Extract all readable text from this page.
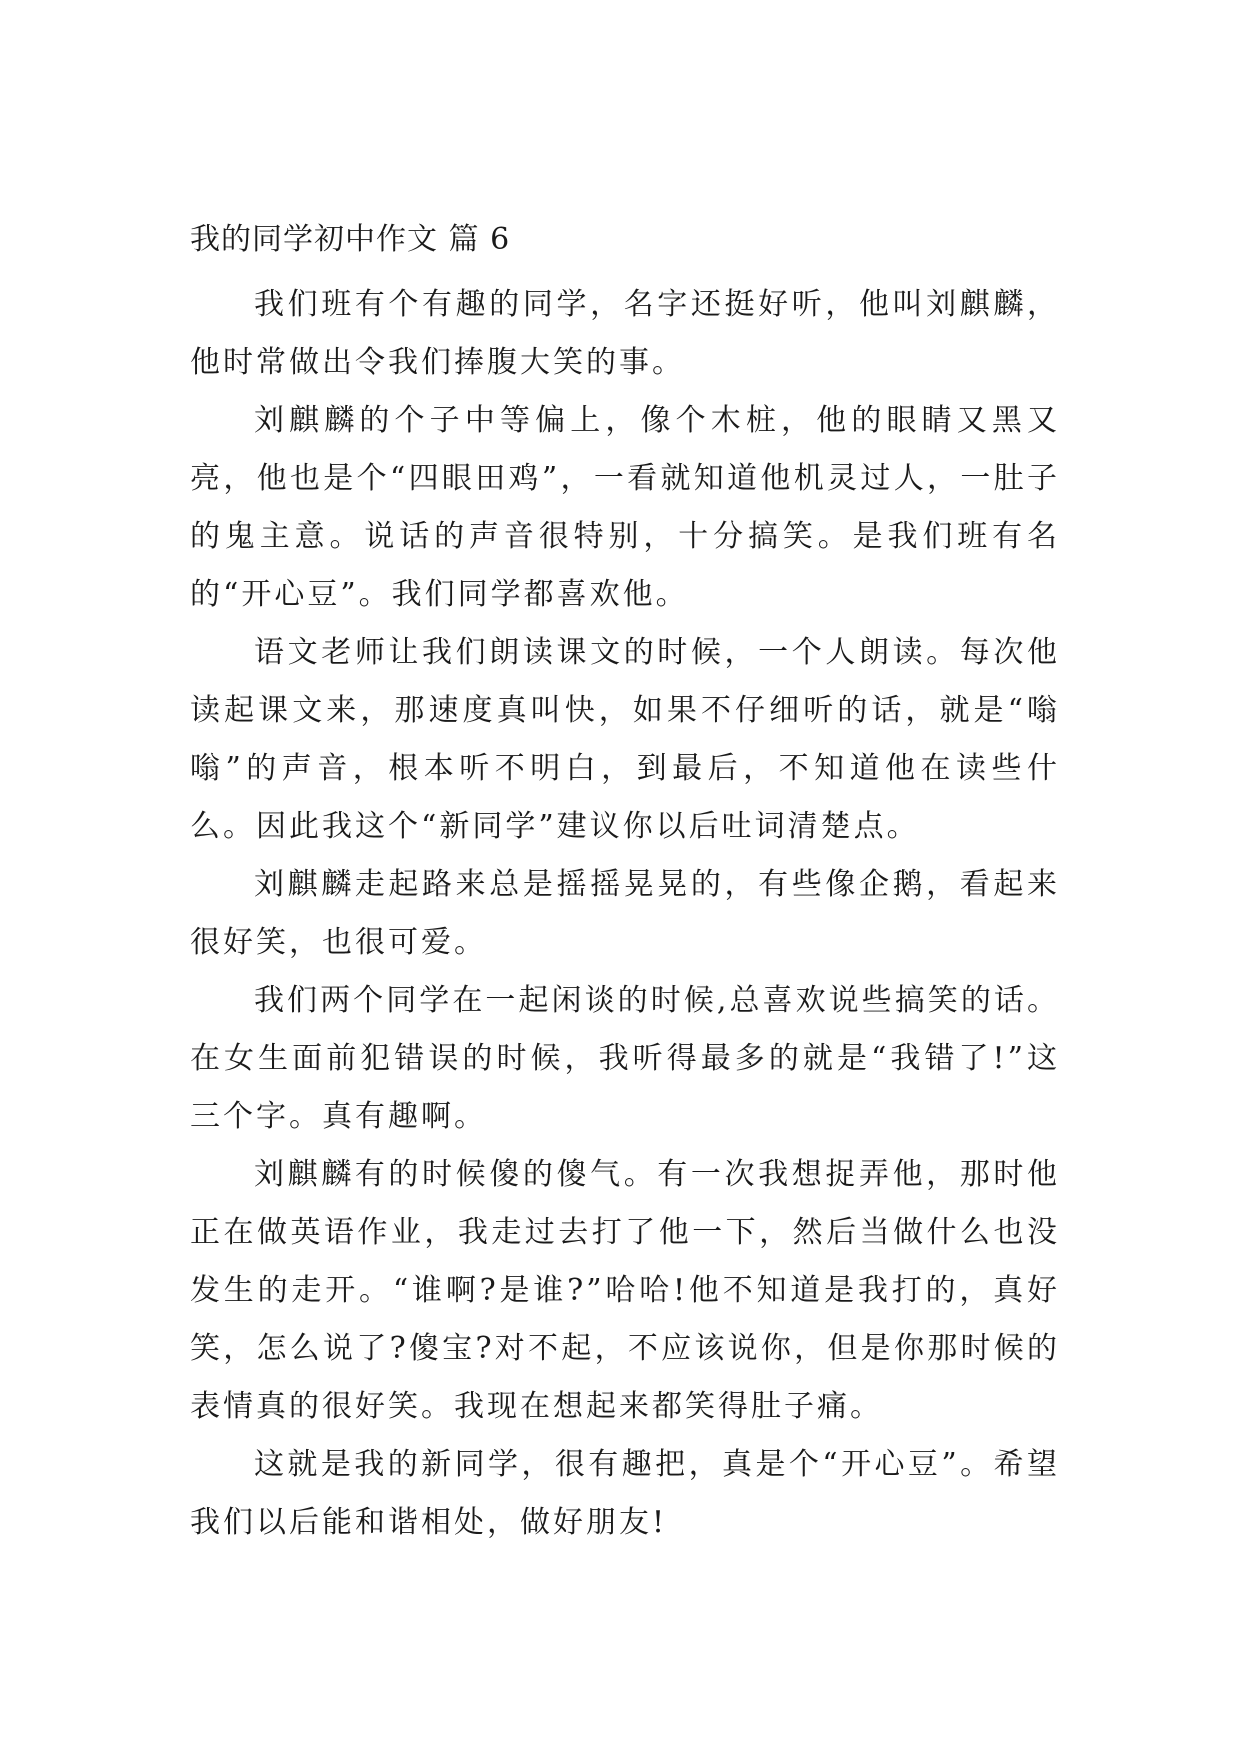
我的同学初中作文 篇 6

我们班有个有趣的同学，名字还挺好听，他叫刘麒麟，他时常做出令我们捧腹大笑的事。

刘麒麟的个子中等偏上，像个木桩，他的眼睛又黑又亮，他也是个“四眼田鸡”，一看就知道他机灵过人，一肚子的鬼主意。说话的声音很特别，十分搞笑。是我们班有名的“开心豆”。我们同学都喜欢他。

语文老师让我们朗读课文的时候，一个人朗读。每次他读起课文来，那速度真叫快，如果不仔细听的话，就是“嗡嗡”的声音，根本听不明白，到最后，不知道他在读些什么。因此我这个“新同学”建议你以后吐词清楚点。

刘麒麟走起路来总是摇摇晃晃的，有些像企鹅，看起来很好笑，也很可爱。

我们两个同学在一起闲谈的时候,总喜欢说些搞笑的话。在女生面前犯错误的时候，我听得最多的就是“我错了!”这三个字。真有趣啊。

刘麒麟有的时候傻的傻气。有一次我想捉弄他，那时他正在做英语作业，我走过去打了他一下，然后当做什么也没发生的走开。“谁啊?是谁?”哈哈!他不知道是我打的，真好笑，怎么说了?傻宝?对不起，不应该说你，但是你那时候的表情真的很好笑。我现在想起来都笑得肚子痛。

这就是我的新同学，很有趣把，真是个“开心豆”。希望我们以后能和谐相处，做好朋友!
